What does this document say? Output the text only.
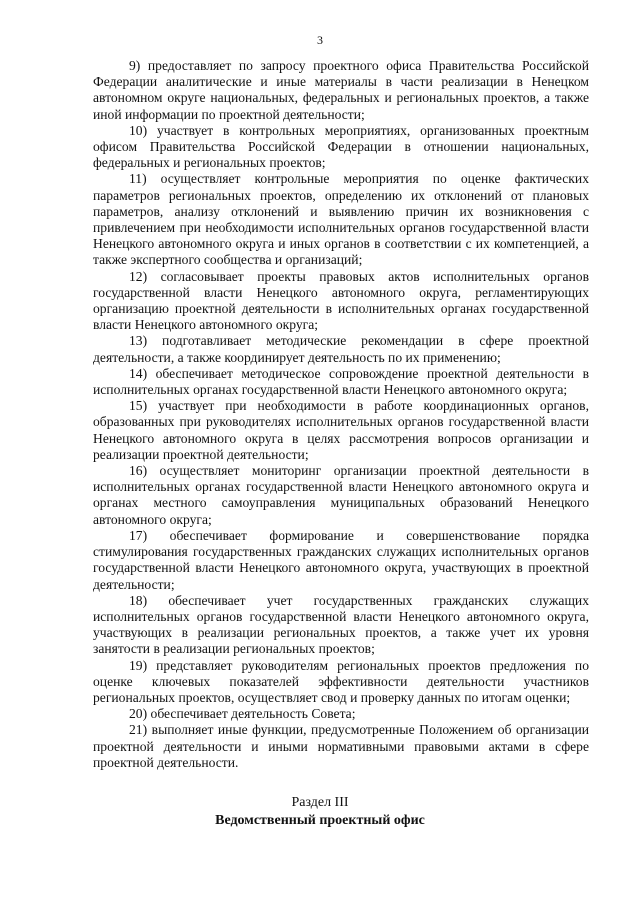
3

9) предоставляет по запросу проектного офиса Правительства Российской Федерации аналитические и иные материалы в части реализации в Ненецком автономном округе национальных, федеральных и региональных проектов, а также иной информации по проектной деятельности;

10) участвует в контрольных мероприятиях, организованных проектным офисом Правительства Российской Федерации в отношении национальных, федеральных и региональных проектов;

11) осуществляет контрольные мероприятия по оценке фактических параметров региональных проектов, определению их отклонений от плановых параметров, анализу отклонений и выявлению причин их возникновения с привлечением при необходимости исполнительных органов государственной власти Ненецкого автономного округа и иных органов в соответствии с их компетенцией, а также экспертного сообщества и организаций;

12) согласовывает проекты правовых актов исполнительных органов государственной власти Ненецкого автономного округа, регламентирующих организацию проектной деятельности в исполнительных органах государственной власти Ненецкого автономного округа;

13) подготавливает методические рекомендации в сфере проектной деятельности, а также координирует деятельность по их применению;

14) обеспечивает методическое сопровождение проектной деятельности в исполнительных органах государственной власти Ненецкого автономного округа;

15) участвует при необходимости в работе координационных органов, образованных при руководителях исполнительных органов государственной власти Ненецкого автономного округа в целях рассмотрения вопросов организации и реализации проектной деятельности;

16) осуществляет мониторинг организации проектной деятельности в исполнительных органах государственной власти Ненецкого автономного округа и органах местного самоуправления муниципальных образований Ненецкого автономного округа;

17) обеспечивает формирование и совершенствование порядка стимулирования государственных гражданских служащих исполнительных органов государственной власти Ненецкого автономного округа, участвующих в проектной деятельности;

18) обеспечивает учет государственных гражданских служащих исполнительных органов государственной власти Ненецкого автономного округа, участвующих в реализации региональных проектов, а также учет их уровня занятости в реализации региональных проектов;

19) представляет руководителям региональных проектов предложения по оценке ключевых показателей эффективности деятельности участников региональных проектов, осуществляет свод и проверку данных по итогам оценки;

20) обеспечивает деятельность Совета;

21) выполняет иные функции, предусмотренные Положением об организации проектной деятельности и иными нормативными правовыми актами в сфере проектной деятельности.

Раздел III
Ведомственный проектный офис
